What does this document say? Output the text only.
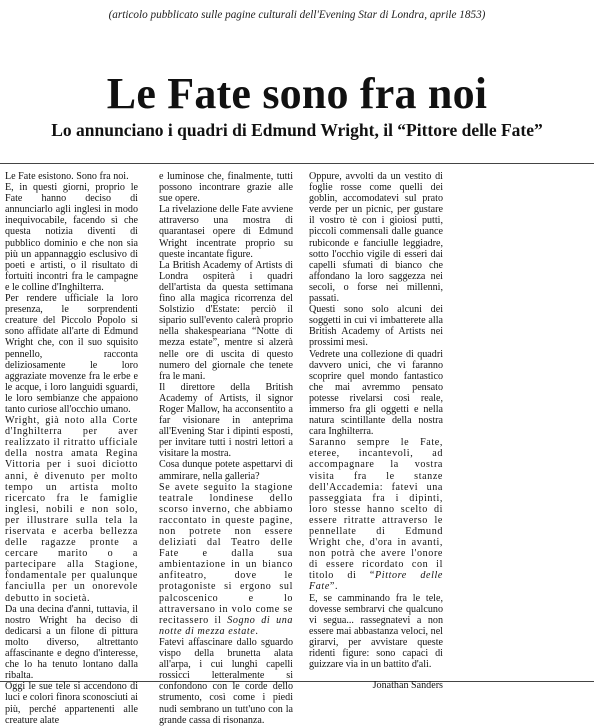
(articolo pubblicato sulle pagine culturali dell'Evening Star di Londra, aprile 1853)
Le Fate sono fra noi
Lo annunciano i quadri di Edmund Wright, il “Pittore delle Fate”

Le Fate esistono. Sono fra noi.

E, in questi giorni, proprio le Fate hanno deciso di annunciarlo agli inglesi in modo inequivocabile, facendo sì che questa notizia diventi di pubblico dominio e che non sia più un appannaggio esclusivo di poeti e artisti, o il risultato di fortuiti incontri fra le campagne e le colline d'Inghilterra.

Per rendere ufficiale la loro presenza, le sorprendenti creature del Piccolo Popolo si sono affidate all'arte di Edmund Wright che, con il suo squisito pennello, racconta deliziosamente le loro aggraziate movenze fra le erbe e le acque, i loro languidi sguardi, le loro sembianze che appaiono tanto curiose all'occhio umano.

Wright, già noto alla Corte d'Inghilterra per aver realizzato il ritratto ufficiale della nostra amata Regina Vittoria per i suoi diciotto anni, è divenuto per molto tempo un artista molto ricercato fra le famiglie inglesi, nobili e non solo, per illustrare sulla tela la riservata e acerba bellezza delle ragazze pronte a cercare marito o a partecipare alla Stagione, fondamentale per qualunque fanciulla per un onorevole debutto in società.

Da una decina d'anni, tuttavia, il nostro Wright ha deciso di dedicarsi a un filone di pittura molto diverso, altrettanto affascinante e degno d'interesse, che lo ha tenuto lontano dalla ribalta.

Oggi le sue tele si accendono di luci e colori finora sconosciuti ai più, perché appartenenti alle creature alate

e luminose che, finalmente, tutti possono incontrare grazie alle sue opere.

La rivelazione delle Fate avviene attraverso una mostra di quarantasei opere di Edmund Wright incentrate proprio su queste incantate figure.

La British Academy of Artists di Londra ospiterà i quadri dell'artista da questa settimana fino alla magica ricorrenza del Solstizio d'Estate: perciò il sipario sull'evento calerà proprio nella shakespeariana “Notte di mezza estate”, mentre si alzerà nelle ore di uscita di questo numero del giornale che tenete fra le mani.

Il direttore della British Academy of Artists, il signor Roger Mallow, ha acconsentito a far visionare in anteprima all'Evening Star i dipinti esposti, per invitare tutti i nostri lettori a visitare la mostra.

Cosa dunque potete aspettarvi di ammirare, nella galleria?

Se avete seguito la stagione teatrale londinese dello scorso inverno, che abbiamo raccontato in queste pagine, non potrete non essere deliziati dal Teatro delle Fate e dalla sua ambientazione in un bianco anfiteatro, dove le protagoniste si ergono sul palcoscenico e lo attraversano in volo come se recitassero il Sogno di una notte di mezza estate.

Fatevi affascinare dallo sguardo vispo della brunetta alata all'arpa, i cui lunghi capelli rossicci letteralmente si confondono con le corde dello strumento, così come i piedi nudi sembrano un tutt'uno con la grande cassa di risonanza.

Oppure, avvolti da un vestito di foglie rosse come quelli dei goblin, accomodatevi sul prato verde per un picnic, per gustare il vostro tè con i gioiosi putti, piccoli commensali dalle guance rubiconde e fanciulle leggiadre, sotto l'occhio vigile di esseri dai capelli sfumati di bianco che affondano la loro saggezza nei secoli, o forse nei millenni, passati.

Questi sono solo alcuni dei soggetti in cui vi imbatterete alla British Academy of Artists nei prossimi mesi.

Vedrete una collezione di quadri davvero unici, che vi faranno scoprire quel mondo fantastico che mai avremmo pensato potesse rivelarsi così reale, immerso fra gli oggetti e nella natura scintillante della nostra cara Inghilterra.

Saranno sempre le Fate, eteree, incantevoli, ad accompagnare la vostra visita fra le stanze dell'Accademia: fatevi una passeggiata fra i dipinti, loro stesse hanno scelto di essere ritratte attraverso le pennellate di Edmund Wright che, d'ora in avanti, non potrà che avere l'onore di essere ricordato con il titolo di “Pittore delle Fate”.

E, se camminando fra le tele, dovesse sembrarvi che qualcuno vi segua... rassegnatevi a non essere mai abbastanza veloci, nel girarvi, per avvistare queste ridenti figure: sono capaci di guizzare via in un battito d'ali.

Jonathan Sanders
